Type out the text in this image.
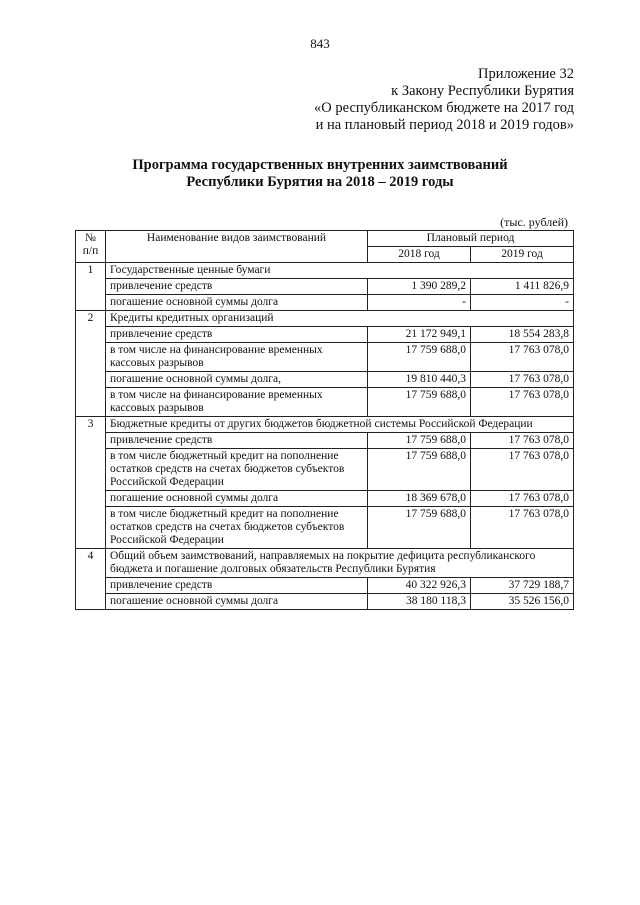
843
Приложение 32
к Закону Республики Бурятия
«О республиканском бюджете на 2017 год
и на плановый период 2018 и 2019 годов»
Программа государственных внутренних заимствований
Республики Бурятия на 2018 – 2019 годы
(тыс. рублей)
№
п/п	Наименование видов заимствований	Плановый период	
		2018 год	2019 год
1	Государственные ценные бумаги		
	привлечение средств	1 390 289,2	1 411 826,9
	погашение основной суммы долга	-	-
2	Кредиты кредитных организаций		
	привлечение средств	21 172 949,1	18 554 283,8
	в том числе на финансирование временных кассовых разрывов	17 759 688,0	17 763 078,0
	погашение основной суммы долга,	19 810 440,3	17 763 078,0
	в том числе на финансирование временных кассовых разрывов	17 759 688,0	17 763 078,0
3	Бюджетные кредиты от других бюджетов бюджетной системы Российской Федерации		
	привлечение средств	17 759 688,0	17 763 078,0
	в том числе бюджетный кредит на пополнение остатков средств на счетах бюджетов субъектов Российской Федерации	17 759 688,0	17 763 078,0
	погашение основной суммы долга	18 369 678,0	17 763 078,0
	в том числе бюджетный кредит на пополнение остатков средств на счетах бюджетов субъектов Российской Федерации	17 759 688,0	17 763 078,0
4	Общий объем заимствований, направляемых на покрытие дефицита республиканского бюджета и погашение долговых обязательств Республики Бурятия		
	привлечение средств	40 322 926,3	37 729 188,7
	погашение основной суммы долга	38 180 118,3	35 526 156,0
